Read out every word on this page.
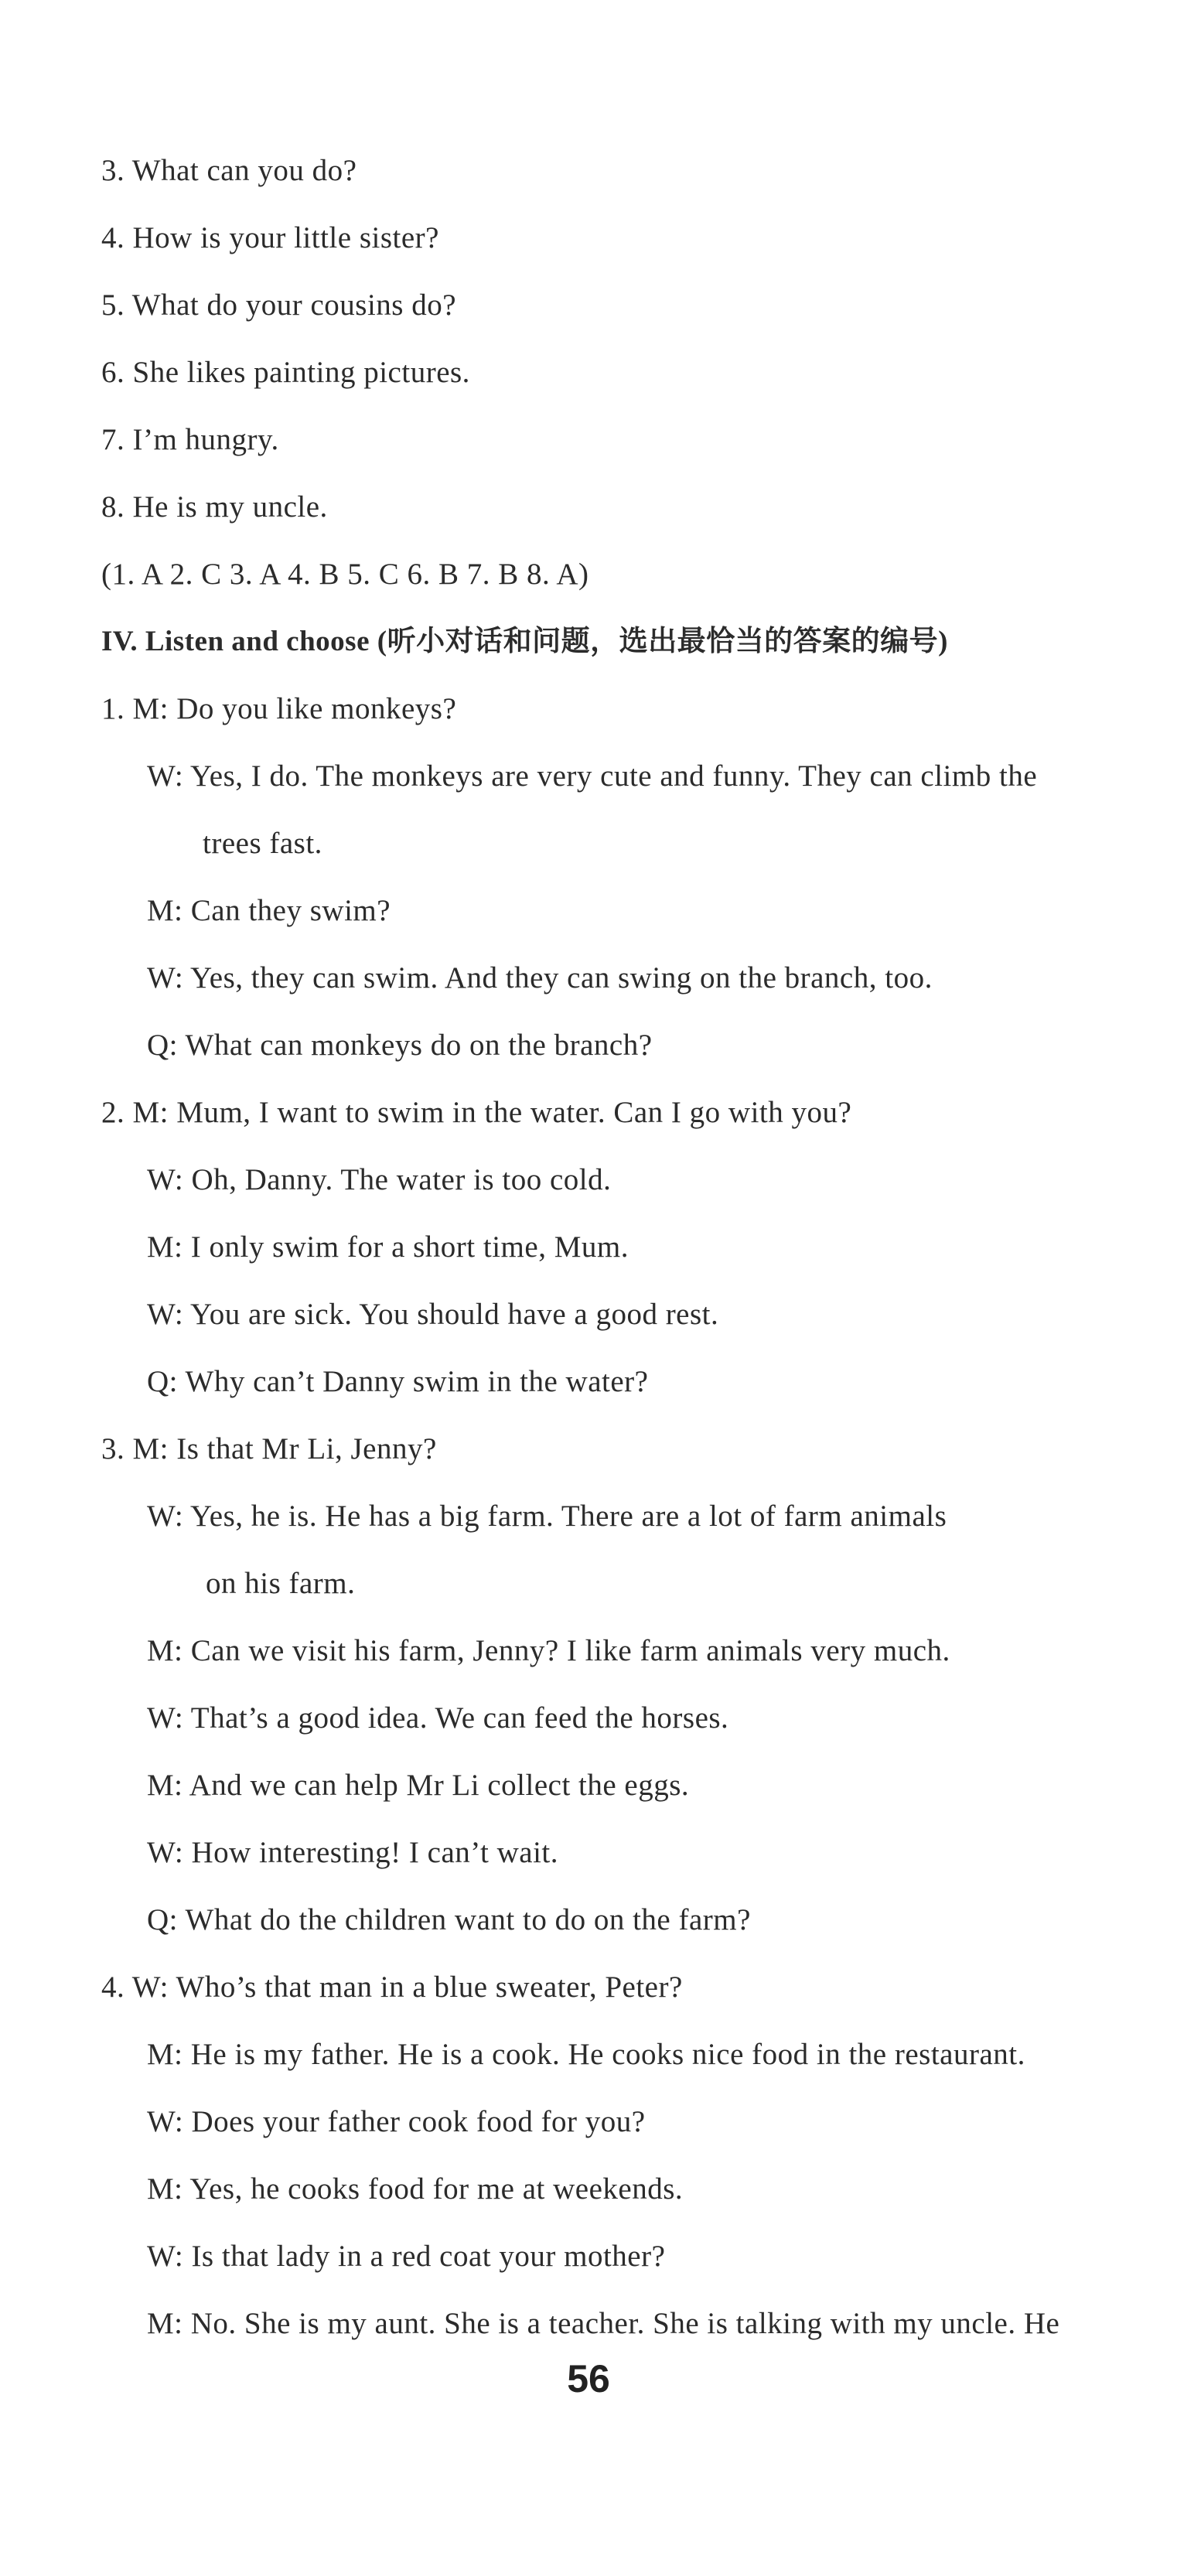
3. What can you do?
4. How is your little sister?
5. What do your cousins do?
6. She likes painting pictures.
7. I’m hungry.
8. He is my uncle.
(1. A 2. C 3. A 4. B 5. C 6. B 7. B 8. A)
IV. Listen and choose (听小对话和问题，选出最恰当的答案的编号)
1. M: Do you like monkeys?
W: Yes, I do. The monkeys are very cute and funny. They can climb the
trees fast.
M: Can they swim?
W: Yes, they can swim. And they can swing on the branch, too.
Q: What can monkeys do on the branch?
2. M: Mum, I want to swim in the water. Can I go with you?
W: Oh, Danny. The water is too cold.
M: I only swim for a short time, Mum.
W: You are sick. You should have a good rest.
Q: Why can’t Danny swim in the water?
3. M: Is that Mr Li, Jenny?
W: Yes, he is. He has a big farm. There are a lot of farm animals
on his farm.
M: Can we visit his farm, Jenny? I like farm animals very much.
W: That’s a good idea. We can feed the horses.
M: And we can help Mr Li collect the eggs.
W: How interesting! I can’t wait.
Q: What do the children want to do on the farm?
4. W: Who’s that man in a blue sweater, Peter?
M: He is my father. He is a cook. He cooks nice food in the restaurant.
W: Does your father cook food for you?
M: Yes, he cooks food for me at weekends.
W: Is that lady in a red coat your mother?
M: No. She is my aunt. She is a teacher. She is talking with my uncle. He
56
